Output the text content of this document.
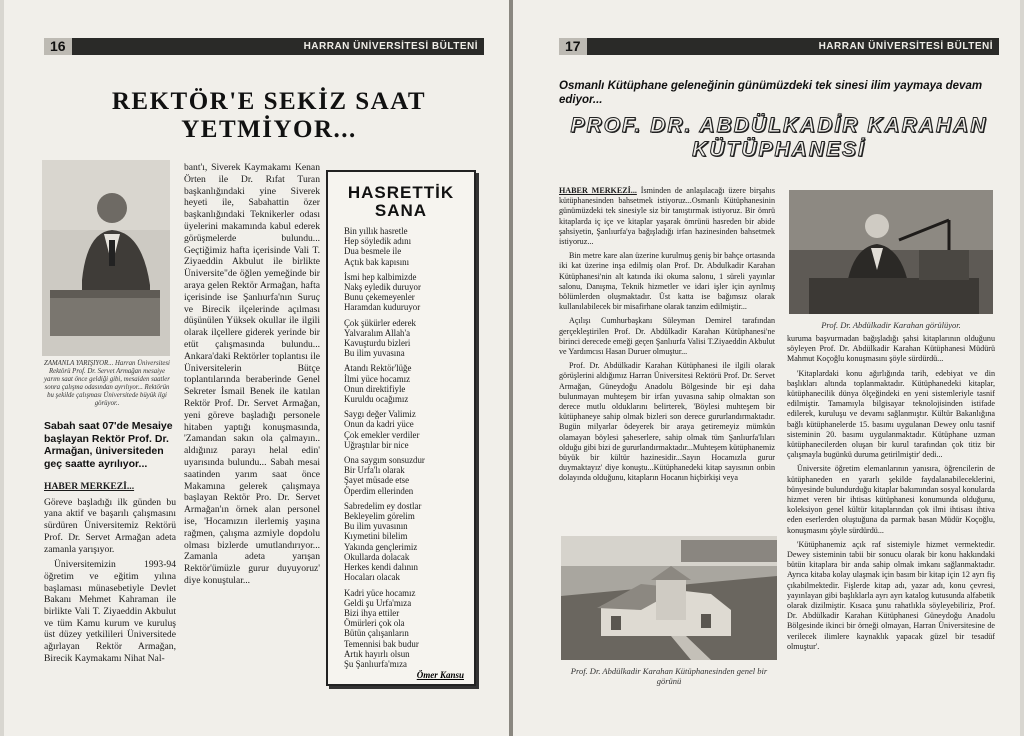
16	HARRAN ÜNİVERSİTESİ BÜLTENİ
REKTÖR'E SEKİZ SAAT
YETMİYOR...
ZAMANLA YARIŞIYOR... Harran Üniversitesi Rektörü Prof. Dr. Servet Armağan mesaiye yarım saat önce geldiği gibi, mesaiden saatler sonra çalışma odasından ayrılıyor... Rektörün bu şekilde çalışması Üniversitede büyük ilgi görüyor..
Sabah saat 07'de Mesaiye başlayan Rektör Prof. Dr. Armağan, üniversiteden geç saatte ayrılıyor...

HABER MERKEZİ...

Göreve başladığı ilk günden bu yana aktif ve başarılı çalışmasını sürdüren Üniversitemiz Rektörü Prof. Dr. Servet Armağan adeta zamanla yarışıyor.

Üniversitemizin 1993-94 öğretim ve eğitim yılına başlaması münasebetiyle Devlet Bakanı Mehmet Kahraman ile birlikte Vali T. Ziyaeddin Akbulut ve tüm Kamu kurum ve kuruluş üst düzey yetkilileri Üniversitede ağırlayan Rektör Armağan, Birecik Kaymakamı Nihat Nal-

bant'ı, Siverek Kaymakamı Kenan Örten ile Dr. Rıfat Turan başkanlığındaki yine Siverek heyeti ile, Sabahattin özer başkanlığındaki Teknikerler odası üyelerini makamında kabul ederek görüşmelerde bulundu... Geçtiğimiz hafta içerisinde Vali T. Ziyaeddin Akbulut ile birlikte Üniversite"de öğlen yemeğinde bir araya gelen Rektör Armağan, hafta içerisinde ise Şanlıurfa'nın Suruç ve Birecik ilçelerinde açılması düşünülen Yüksek okullar ile ilgili olarak ilçellere giderek yerinde bir etüt çalışmasında bulundu... Ankara'daki Rektörler toplantısı ile Üniversitelerin Bütçe toplantılarında beraberinde Genel Sekreter İsmail Benek ile katılan Rektör Prof. Dr. Servet Armağan, yeni göreve başladığı personele hitaben yaptığı konuşmasında, 'Zamandan sakın ola çalmayın.. aldığınız parayı helal edin' uyarısında bulundu... Sabah mesai saatinden yarım saat önce Makamına gelerek çalışmaya başlayan Rektör Pro. Dr. Servet Armağan'ın örnek alan personel ise, 'Hocamızın ilerlemiş yaşına rağmen, çalışma azmiyle dopdolu olması bizlerde umutlandırıyor... Zamanla adeta yarışan Rektör'ümüzle gurur duyuyoruz' diye konuştular...
HASRETTİK
SANA
Bin yıllık hasretle
Hep söyledik adını
Dua besmele ile
Açtık bak kapısını
İsmi hep kalbimizde
Nakş eyledik duruyor
Bunu çekemeyenler
Haramdan kuduruyor
Çok şükürler ederek
Yalvaralım Allah'a
Kavuşturdu bizleri
Bu ilim yuvasına
Atandı Rektör'lüğe
İlmi yüce hocamız
Onun direktifiyle
Kuruldu ocağımız
Saygı değer Valimiz
Onun da kadri yüce
Çok emekler verdiler
Uğraştılar bir nice
Ona saygım sonsuzdur
Bir Urfa'lı olarak
Şayet müsade etse
Öperdim ellerinden
Sabredelim ey dostlar
Bekleyelim görelim
Bu ilim yuvasının
Kıymetini bilelim
Yakında gençlerimiz
Okullarda dolacak
Herkes kendi dalının
Hocaları olacak
Kadri yüce hocamız
Geldi şu Urfa'mıza
Bizi ihya ettiler
Ömürleri çok ola
Bütün çalışanların
Temennisi bak budur
Artık hayırlı olsun
Şu Şanlıurfa'mıza
Ömer Kansu
17	HARRAN ÜNİVERSİTESİ BÜLTENİ
Osmanlı Kütüphane geleneğinin günümüzdeki tek sinesi ilim yaymaya devam ediyor...
PROF. DR. ABDÜLKADİR KARAHAN
KÜTÜPHANESİ

HABER MERKEZİ... İsminden de anlaşılacağı üzere birşahıs kütüphanesinden bahsetmek istiyoruz...Osmanlı Kütüphanesinin günümüzdeki tek sinesiyle siz bir tanıştırmak istiyoruz. Bir ömrü kitaplarda iç içe ve kitaplar yaşarak ömrünü hasreden bir abide şahsiyetin, Şanlıurfa'ya bağışladığı irfan hazinesinden bahsetmek istiyoruz...

Bin metre kare alan üzerine kurulmuş geniş bir bahçe ortasında iki kat üzerine inşa edilmiş olan Prof. Dr. Abdulkadir Karahan Kütüphanesi'nin alt katında iki okuma salonu, 1 süreli yayınlar salonu, Danışma, Teknik hizmetler ve idari işler için ayrılmış bölümlerden oluşmaktadır. Üst katta ise bağımsız olarak kullanılabilecek bir misafirhane olarak tanzim edilmiştir...

Açılışı Cumhurbaşkanı Süleyman Demirel tarafından gerçekleştirilen Prof. Dr. Abdülkadir Karahan Kütüphanesi'ne birinci derecede emeği geçen Şanlıurfa Valisi T.Ziyaeddin Akbulut ve Yardımcısı Hasan Duruer olmuştur...

Prof. Dr. Abdülkadir Karahan Kütüphanesi ile ilgili olarak görüşlerini aldığımız Harran Üniversitesi Rektörü Prof. Dr. Servet Armağan, Güneydoğu Anadolu Bölgesinde bir eşi daha bulunmayan muhteşem bir irfan yuvasına sahip olmaktan son derece mutlu olduklarını belirterek, 'Böylesi muhteşem bir kütüphaneye sahip olmak bizleri son derece gururlandırmaktadır. Bugün milyarlar ödeyerek bir araya getiremeyiz mümkün olamayan böylesi şaheserlere, sahip olmak tüm Şanlıurfa'lıları olduğu gibi bizi de gururlandırmaktadır...Muhteşem kütüphanemiz büyük bir kültür hazinesidir...Sayın Hocamızla gurur duymaktayız' diye konuştu...Kütüphanedeki kitap sayısının onbin dolayında olduğunu, kitapların Hocanın hiçbirkişi veya

Prof. Dr. Abdülkadir Karahan görülüyor.

kuruma başvurmadan bağışladığı şahsi kitaplarının olduğunu söyleyen Prof. Dr. Abdülkadir Karahan Kütüphanesi Müdürü Mahmut Koçoğlu konuşmasını şöyle sürdürdü...

'Kitaplardaki konu ağırlığında tarih, edebiyat ve din başlıkları altında toplanmaktadır. Kütüphanedeki kitaplar, kütüphanecilik dünya ölçeğindeki en yeni sistemleriyle tasnif edilmiştir. Tamamıyla bilgisayar teknolojisinden istifade edilerek, kuruluşu ve devamı sağlanmıştır. Kültür Bakanlığına bağlı kütüphanelerde 15. basımı uygulanan Dewey onlu tasnif sisteminin 20. basımı uygulanmaktadır. Kütüphane uzman kütüphanecilerden oluşan bir kurul tarafından çok titiz bir çalışmayla bugünkü duruma getirilmiştir' dedi...

Üniversite öğretim elemanlarının yanısıra, öğrencilerin de kütüphaneden en yararlı şekilde faydalanabileceklerini, bünyesinde bulundurduğu kitaplar bakımından sosyal konularda hizmet veren bir ihtisas kütüphanesi konumunda olduğunu, koleksiyon genel kültür kitaplarından çok ilmi ihtisası ihtiva eden eserlerden oluştuğuna da parmak basan Müdür Koçoğlu, konuşmasını şöyle sürdürdü...

'Kütüphanemiz açık raf sistemiyle hizmet vermektedir. Dewey sisteminin tabii bir sonucu olarak bir konu hakkındaki bütün kitaplara bir anda sahip olmak imkanı sağlanmaktadır. Ayrıca kitaba kolay ulaşmak için basım bir kitap için 12 ayrı fiş çıkabilmektedir. Fişlerde kitap adı, yazar adı, konu çevresi, yayınlayan gibi başlıklarla ayrı ayrı katalog kutusunda alfabetik olarak dizilmiştir. Kısaca şunu rahatlıkla söyleyebiliriz, Prof. Dr. Abdülkadir Karahan Kütüphanesi Güneydoğu Anadolu Bölgesinde ikinci bir örneği olmayan, Harran Üniversitesine de verilecek ilimlere kaynaklık yapacak güzel bir tesadüf olmuştur'.

Prof. Dr. Abdülkadir Karahan Kütüphanesinden genel bir görünü
